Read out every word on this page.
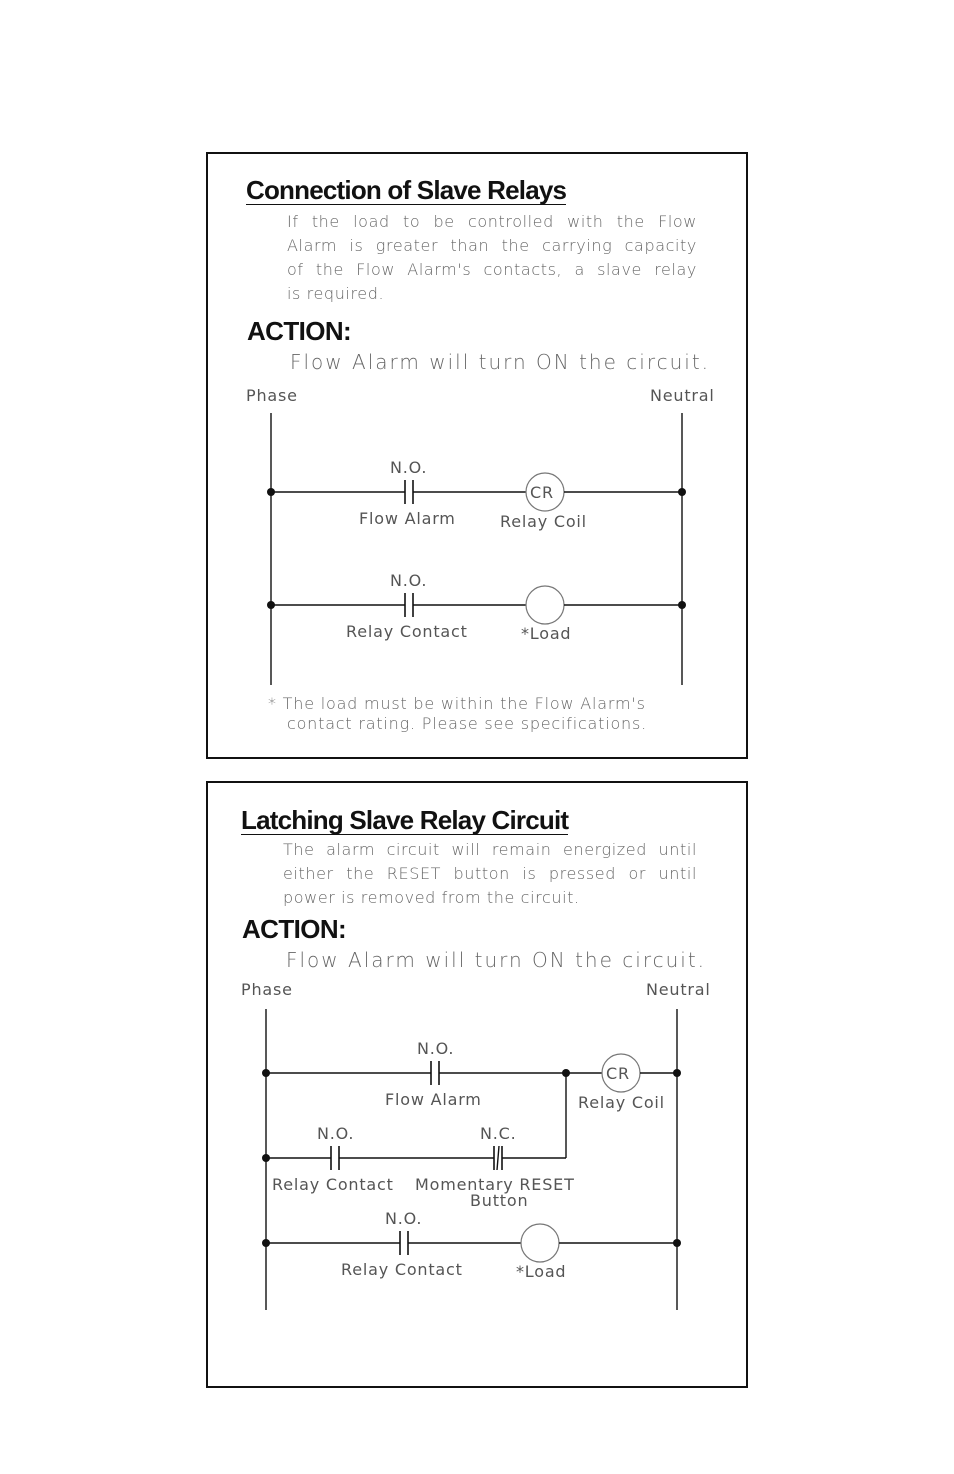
Connection of Slave Relays
If the load to be controlled with the Flow
Alarm is greater than the carrying capacity
of the Flow Alarm's contacts, a slave relay
is required.
ACTION:
Flow Alarm will turn ON the circuit.
Phase	Neutral
N.O.
Flow Alarm
CR
Relay Coil
N.O.
Relay Contact	*Load
* The load must be within the Flow Alarm's
contact rating. Please see specifications.
Latching Slave Relay Circuit
The alarm circuit will remain energized until
either the RESET button is pressed or until
power is removed from the circuit.
ACTION:
Flow Alarm will turn ON the circuit.
Phase	Neutral
N.O.
Flow Alarm
CR
Relay Coil
N.O.	N.C.
Relay Contact Momentary RESET
Button
N.O.
Relay Contact	*Load
